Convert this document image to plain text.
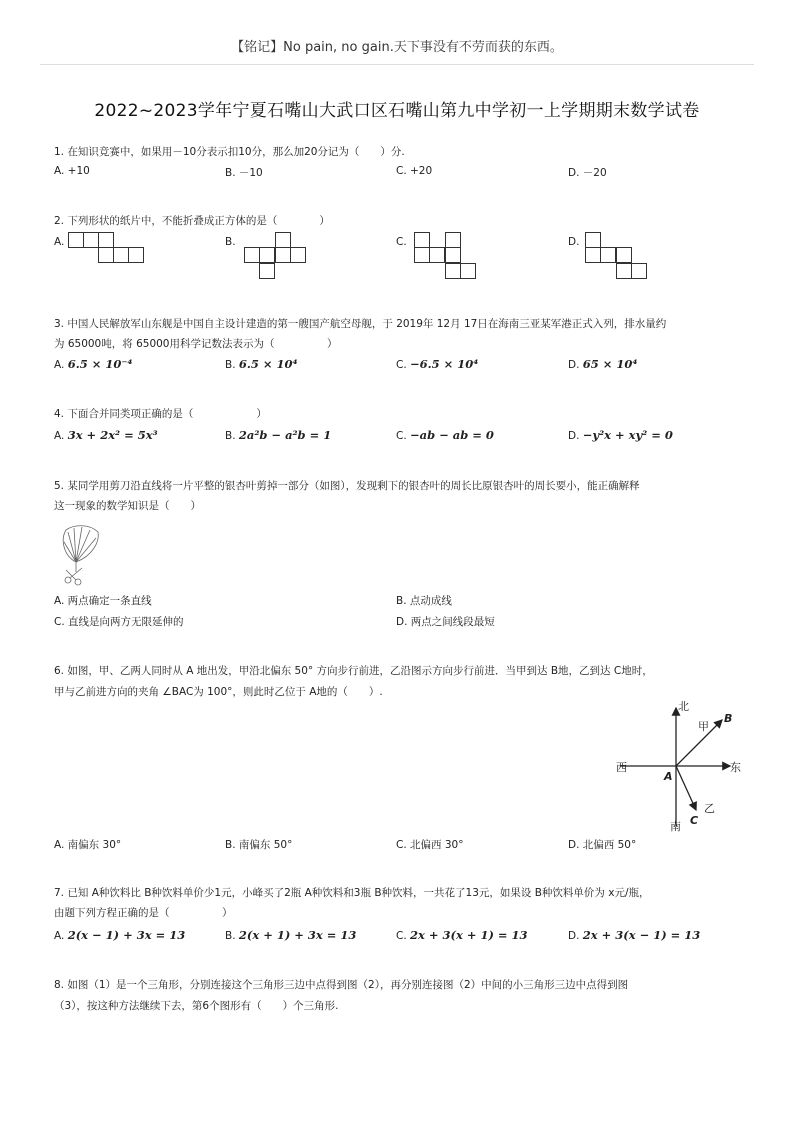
【铭记】No pain, no gain.天下事没有不劳而获的东西。
2022~2023学年宁夏石嘴山大武口区石嘴山第九中学初一上学期期末数学试卷
1. 在知识竞赛中，如果用－10分表示扣10分，那么加20分记为（　　）分.
A. +10	B. －10	C. +20	D. －20
2. 下列形状的纸片中，不能折叠成正方体的是（　　　　）
A.	B.	C.	D.
3. 中国人民解放军山东舰是中国自主设计建造的第一艘国产航空母舰，于 2019年 12月 17日在海南三亚某军港正式入列，排水量约
为 65000吨，将 65000用科学记数法表示为（　　　　　）
A. 6.5 × 10⁻⁴	B. 6.5 × 10⁴	C. −6.5 × 10⁴	D. 65 × 10⁴
4. 下面合并同类项正确的是（　　　　　　）
A. 3x + 2x² = 5x³	B. 2a²b − a²b = 1	C. −ab − ab = 0	D. −y²x + xy² = 0
5. 某同学用剪刀沿直线将一片平整的银杏叶剪掉一部分（如图），发现剩下的银杏叶的周长比原银杏叶的周长要小，能正确解释
这一现象的数学知识是（　　）
A. 两点确定一条直线	B. 点动成线
C. 直线是向两方无限延伸的	D. 两点之间线段最短
6. 如图，甲、乙两人同时从 A 地出发，甲沿北偏东 50° 方向步行前进，乙沿图示方向步行前进．当甲到达 B地，乙到达 C地时，
甲与乙前进方向的夹角 ∠BAC为 100°，则此时乙位于 A地的（　　）.
北
南
东
西
甲
乙
A
B
C
A. 南偏东 30°	B. 南偏东 50°	C. 北偏西 30°	D. 北偏西 50°
7. 已知 A种饮料比 B种饮料单价少1元，小峰买了2瓶 A种饮料和3瓶 B种饮料，一共花了13元，如果设 B种饮料单价为 x元/瓶，
由题下列方程正确的是（　　　　　）
A. 2(x − 1) + 3x = 13	B. 2(x + 1) + 3x = 13	C. 2x + 3(x + 1) = 13	D. 2x + 3(x − 1) = 13
8. 如图（1）是一个三角形，分别连接这个三角形三边中点得到图（2），再分别连接图（2）中间的小三角形三边中点得到图
（3），按这种方法继续下去，第6个图形有（　　）个三角形.
